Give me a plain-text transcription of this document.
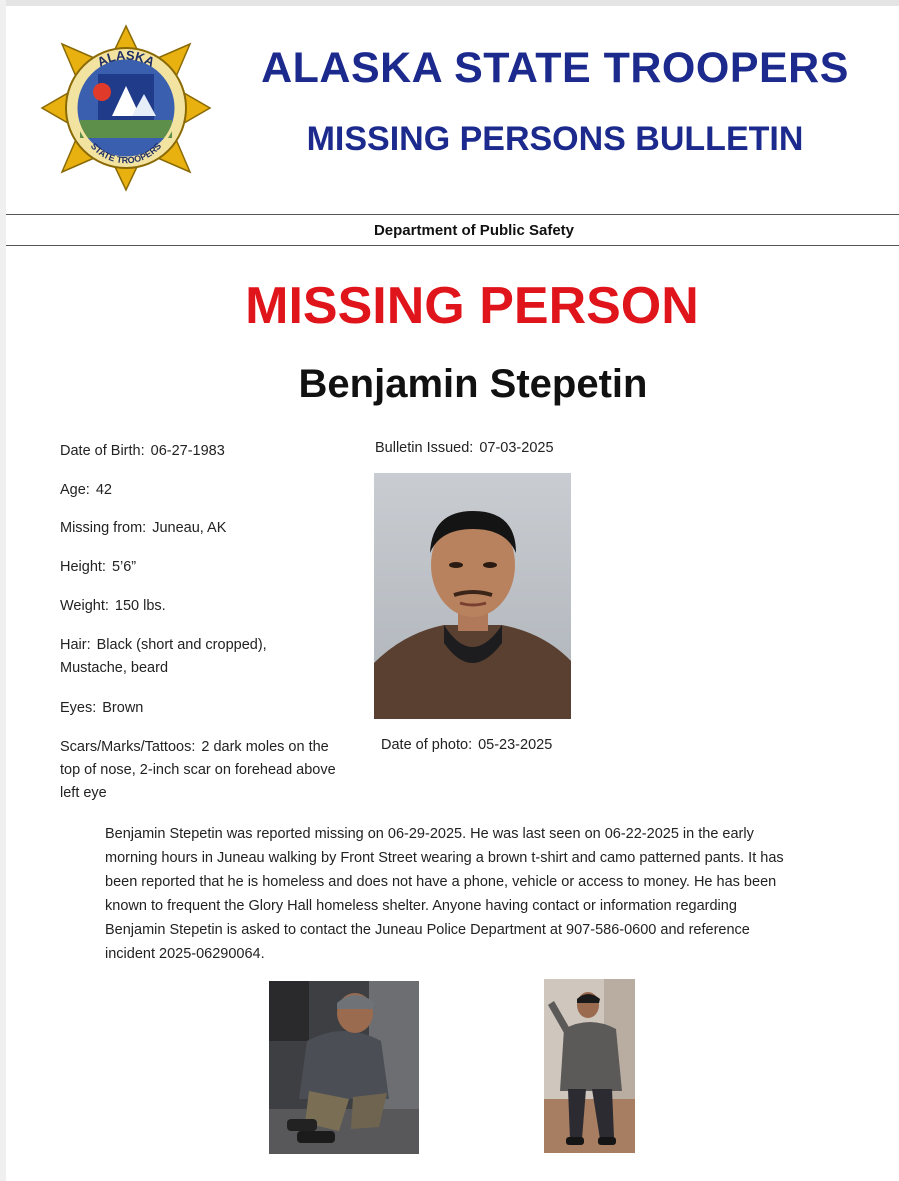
ALASKA
STATE TROOPERS
ALASKA STATE TROOPERS
MISSING PERSONS BULLETIN
Department of Public Safety
MISSING PERSON
Benjamin Stepetin
Date of Birth: 06-27-1983
Age: 42
Missing from: Juneau, AK
Height: 5’6”
Weight: 150 lbs.
Hair: Black (short and cropped),
Mustache, beard
Eyes: Brown
Scars/Marks/Tattoos: 2 dark moles on the
top of nose, 2-inch scar on forehead above
left eye
Bulletin Issued: 07-03-2025
Date of photo: 05-23-2025
Benjamin Stepetin was reported missing on 06-29-2025. He was last seen on 06-22-2025 in the early
morning hours in Juneau walking by Front Street wearing a brown t-shirt and camo patterned pants. It has
been reported that he is homeless and does not have a phone, vehicle or access to money. He has been
known to frequent the Glory Hall homeless shelter. Anyone having contact or information regarding
Benjamin Stepetin is asked to contact the Juneau Police Department at 907-586-0600 and reference
incident 2025-06290064.
